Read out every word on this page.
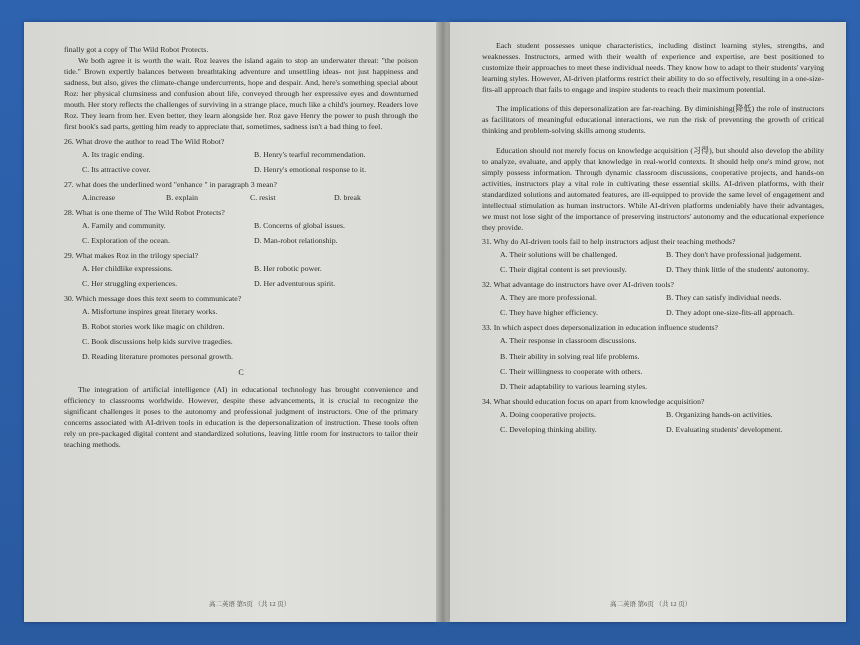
finally got a copy of The Wild Robot Protects.

We both agree it is worth the wait. Roz leaves the island again to stop an underwater threat: "the poison tide." Brown expertly balances between breathtaking adventure and unsettling ideas- not just happiness and sadness, but also, gives the climate-change undercurrents, hope and despair. And, here's something special about Roz: her physical clumsiness and confusion about life, conveyed through her expressive eyes and downturned mouth. Her story reflects the challenges of surviving in a strange place, much like a child's journey. Readers love Roz. They learn from her. Even better, they learn alongside her. Roz gave Henry the power to push through the first book's sad parts, getting him ready to appreciate that, sometimes, sadness isn't a bad thing to feel.

26. What drove the author to read The Wild Robot?
A. Its tragic ending.	B. Henry's tearful recommendation.
C. Its attractive cover.	D. Henry's emotional response to it.
27. what does the underlined word "enhance " in paragraph 3 mean?
A.increase	B. explain	C. resist	D. break
28. What is one theme of The Wild Robot Protects?
A. Family and community.	B. Concerns of global issues.
C. Exploration of the ocean.	D. Man-robot relationship.
29. What makes Roz in the trilogy special?
A. Her childlike expressions.	B. Her robotic power.
C. Her struggling experiences.	D. Her adventurous spirit.
30. Which message does this text seem to communicate?
A. Misfortune inspires great literary works.
B. Robot stories work like magic on children.
C. Book discussions help kids survive tragedies.
D. Reading literature promotes personal growth.
C

The integration of artificial intelligence (AI) in educational technology has brought convenience and efficiency to classrooms worldwide. However, despite these advancements, it is crucial to recognize the significant challenges it poses to the autonomy and professional judgment of instructors. One of the primary concerns associated with AI-driven tools in education is the depersonalization of instruction. These tools often rely on pre-packaged digital content and standardized solutions, leaving little room for instructors to tailor their teaching methods.

高二英语 第5页 （共 12 页）

Each student possesses unique characteristics, including distinct learning styles, strengths, and weaknesses. Instructors, armed with their wealth of experience and expertise, are best positioned to customize their approaches to meet these individual needs. They know how to adapt to their students' varying learning styles. However, AI-driven platforms restrict their ability to do so effectively, resulting in a one-size-fits-all approach that fails to engage and inspire students to reach their maximum potential.

The implications of this depersonalization are far-reaching. By diminishing(降低) the role of instructors as facilitators of meaningful educational interactions, we run the risk of preventing the growth of critical thinking and problem-solving skills among students.

Education should not merely focus on knowledge acquisition (习得), but should also develop the ability to analyze, evaluate, and apply that knowledge in real-world contexts. It should help one's mind grow, not simply possess information. Through dynamic classroom discussions, cooperative projects, and hands-on activities, instructors play a vital role in cultivating these essential skills. AI-driven platforms, with their standardized solutions and automated features, are ill-equipped to provide the same level of engagement and intellectual stimulation as human instructors. While AI-driven platforms undeniably have their advantages, we must not lose sight of the importance of preserving instructors' autonomy and the educational experience they provide.

31. Why do AI-driven tools fail to help instructors adjust their teaching methods?
A. Their solutions will be challenged.	B. They don't have professional judgement.
C. Their digital content is set previously.	D. They think little of the students' autonomy.
32. What advantage do instructors have over AI-driven tools?
A. They are more professional.	B. They can satisfy individual needs.
C. They have higher efficiency.	D. They adopt one-size-fits-all approach.
33. In which aspect does depersonalization in education influence students?
A. Their response in classroom discussions.
B. Their ability in solving real life problems.
C. Their willingness to cooperate with others.
D. Their adaptability to various learning styles.
34. What should education focus on apart from knowledge acquisition?
A. Doing cooperative projects.	B. Organizing hands-on activities.
C. Developing thinking ability.	D. Evaluating students' development.
高二英语 第6页 （共 12 页）
